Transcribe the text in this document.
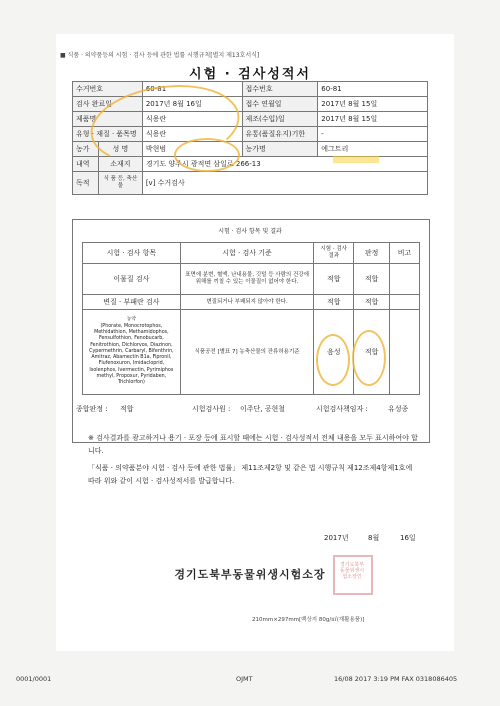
■ 식품 · 의약품등의 시험 · 검사 등에 관한 법률 시행규칙[별지 제13호서식]
시험 · 검사성적서
수거번호		60-81	접수번호	60-81
검사 완료일		2017년 8월 16일	접수 연월일	2017년 8월 15일
제품명		식용란	제조(수입)일	2017년 8월 15일
유형 · 재질 · 품목명		식용란	유통(품질유지)기한	-
농가	성 명	박현범	농가명	에그트리
내역	소재지	경기도 양주시 광적면 삼일로 266-13		
독적	식 품 등, 축산물	[v] 수거검사		
시험 · 검사 항목 및 결과
시험 · 검사 항목	시험 · 검사 기준	시험 · 검사 결과	판정	비고
이물질 검사	표면에 분변, 혈액, 난내용물, 깃털 등 사람의 건강에 위해를 끼칠 수 있는 이물질이 없어야 한다.	적합	적합	
변질 · 부패란 검사	변질되거나 부패되지 않아야 한다.	적합	적합	
농약
(Phorate, Monocrotophos, Methidathion, Methamidophos, Fensulfothion, Fenobucarb, Fenitrothion, Dichlorvos, Diazinon, Cypermethrin, Carbaryl, Bifenthrin, Amitraz, Abamectin B1a, Fipronil, Flufenoxuron, Imidacloprid, Isolenphos, Ivermectin, Pyrimiphos methyl, Propoxur, Pyridaben, Trichlorfon)	식품공전 [별표 7] 농축산물의 잔류허용기준	음성	적합	
종합판정 : 적합	시험검사원 : 이주단, 공현철	시험검사책임자 :	유성종
※ 검사결과를 광고하거나 용기 · 포장 등에 표시할 때에는 시험 · 검사성적서 전체 내용을 모두 표시하여야 합니다.
「식품 · 의약품분야 시험 · 검사 등에 관한 법률」 제11조제2항 및 같은 법 시행규칙 제12조제4항제1호에 따라 위와 같이 시험 · 검사성적서를 발급합니다.
2017년	8월	16일
경기도북부동물위생시험소장
경기도북부동물위생시험소장인
210mm×297mm[백상지 80g/㎡(재활용품)]
0001/0001	OJMT	16/08 2017 3:19 PM FAX 0318086405
